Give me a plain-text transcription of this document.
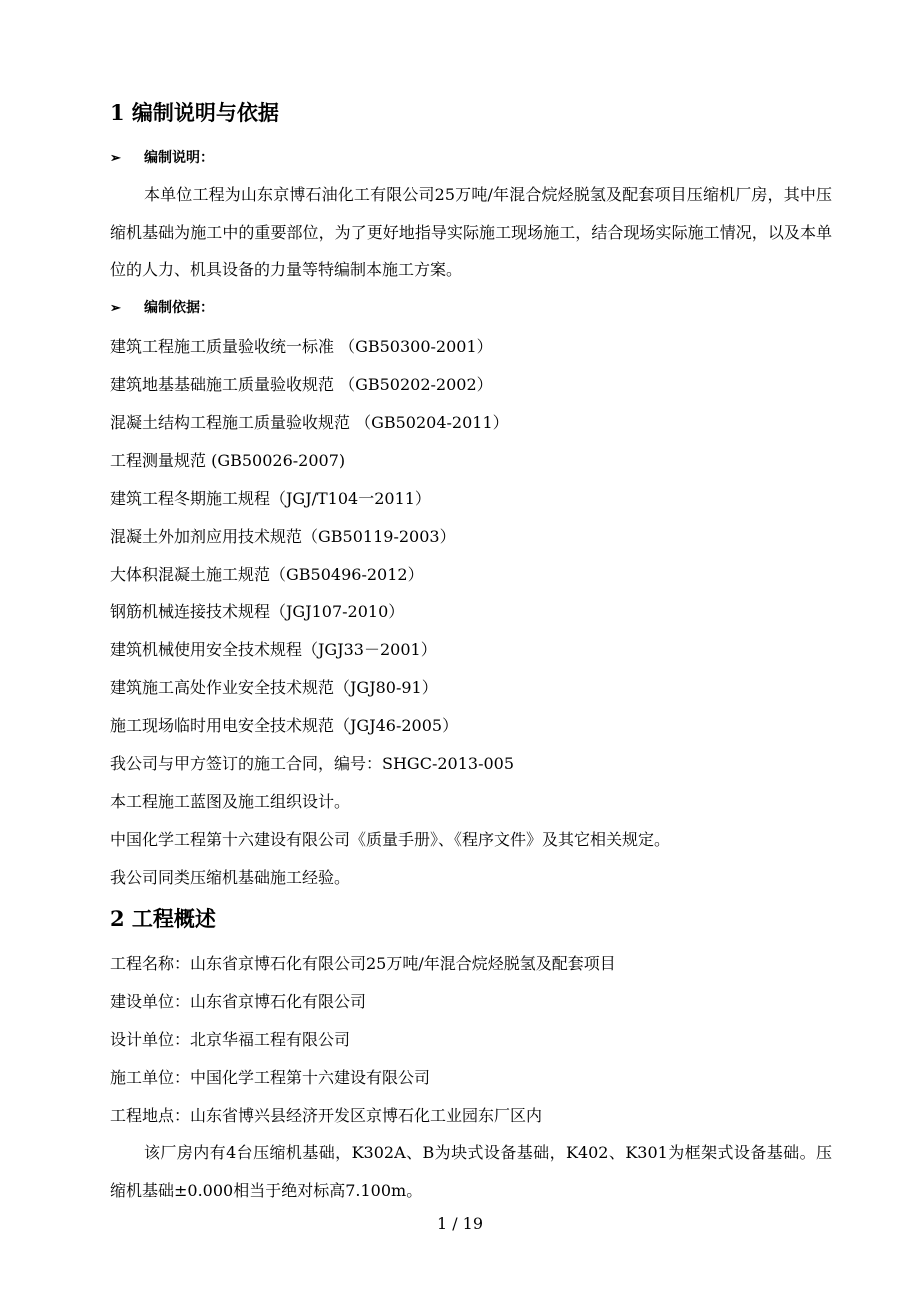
1 编制说明与依据
➢ 编制说明：
本单位工程为山东京博石油化工有限公司25万吨/年混合烷烃脱氢及配套项目压缩机厂房，其中压缩机基础为施工中的重要部位，为了更好地指导实际施工现场施工，结合现场实际施工情况，以及本单位的人力、机具设备的力量等特编制本施工方案。
➢ 编制依据：
建筑工程施工质量验收统一标准 （GB50300-2001）
建筑地基基础施工质量验收规范 （GB50202-2002）
混凝土结构工程施工质量验收规范 （GB50204-2011）
工程测量规范 (GB50026-2007)
建筑工程冬期施工规程（JGJ/T104一2011）
混凝土外加剂应用技术规范（GB50119-2003）
大体积混凝土施工规范（GB50496-2012）
钢筋机械连接技术规程（JGJ107-2010）
建筑机械使用安全技术规程（JGJ33－2001）
建筑施工高处作业安全技术规范（JGJ80-91）
施工现场临时用电安全技术规范（JGJ46-2005）
我公司与甲方签订的施工合同，编号：SHGC-2013-005
本工程施工蓝图及施工组织设计。
中国化学工程第十六建设有限公司《质量手册》、《程序文件》及其它相关规定。
我公司同类压缩机基础施工经验。
2 工程概述
工程名称：山东省京博石化有限公司25万吨/年混合烷烃脱氢及配套项目
建设单位：山东省京博石化有限公司
设计单位：北京华福工程有限公司
施工单位：中国化学工程第十六建设有限公司
工程地点：山东省博兴县经济开发区京博石化工业园东厂区内
该厂房内有4台压缩机基础，K302A、B为块式设备基础，K402、K301为框架式设备基础。压缩机基础±0.000相当于绝对标高7.100m。
1 / 19
